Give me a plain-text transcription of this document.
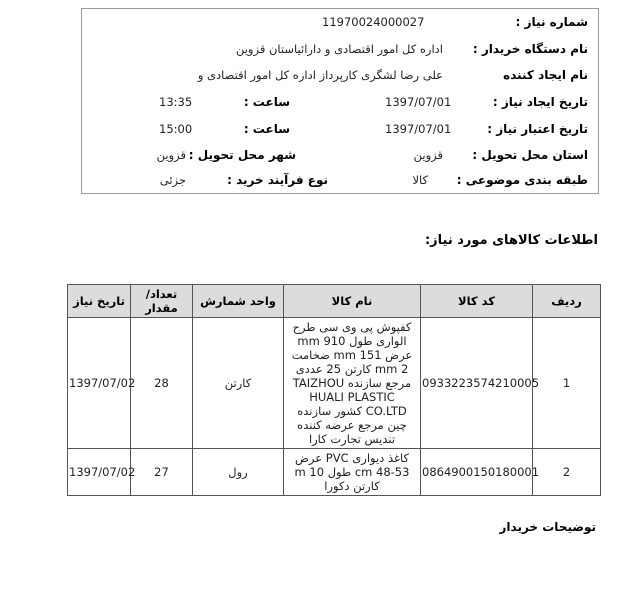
شماره نیاز :
11970024000027
نام دستگاه خریدار :
اداره کل امور اقتصادی و دارائیاستان قزوین
نام ایجاد کننده
علی رضا لشگری کارپرداز اداره کل امور اقتصادی و
تاریخ ایجاد نیاز :
1397/07/01
ساعت :
13:35
تاریخ اعتبار نیاز :
1397/07/01
ساعت :
15:00
استان محل تحویل :
قزوین
شهر محل تحویل :
قزوین
طبقه بندی موضوعی :
کالا
نوع فرآیند خرید :
جزئی
اطلاعات کالاهای مورد نیاز:
تاریخ نیاز	تعداد/ مقدار	واحد شمارش	نام کالا	کد کالا	ردیف
1397/07/02	28	کارتن	کفپوش پی وی سی طرح الواری طول mm 910 عرض 151 mm ضخامت 2 mm کارتن 25 عددی مرجع سازنده TAIZHOU HUALI PLASTIC CO.LTD کشور سازنده چین مرجع عرضه کننده تندیس تجارت کارا	0933223574210005	1
1397/07/02	27	رول	کاغذ دیواری PVC عرض 53-48 cm طول 10 m کارتن دکورا	0864900150180001	2
توضیحات خریدار
